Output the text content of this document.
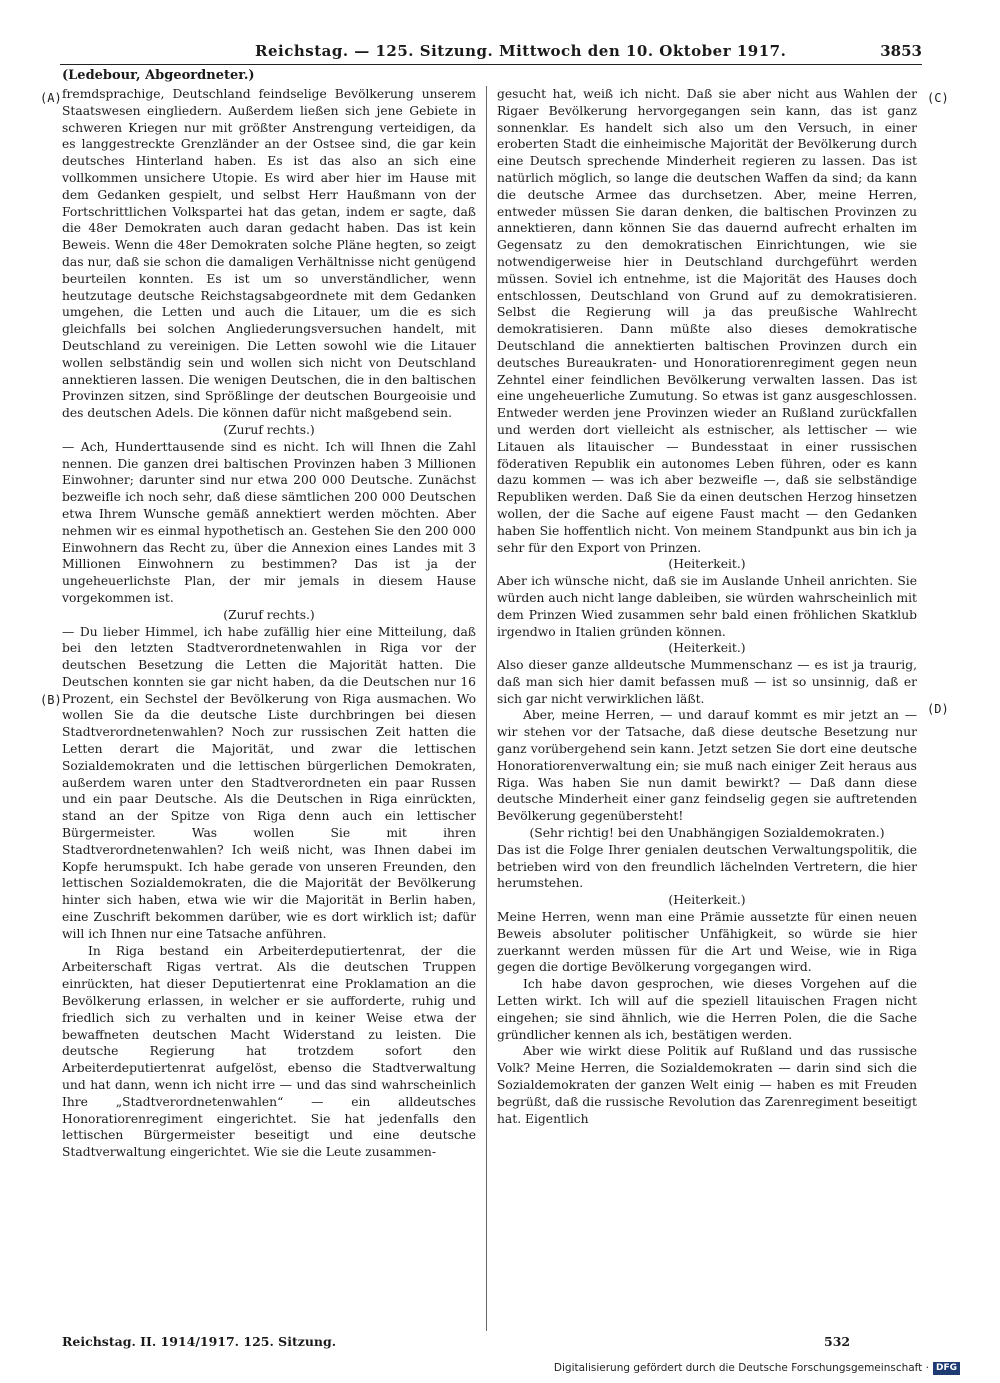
Reichstag. — 125. Sitzung. Mittwoch den 10. Oktober 1917.	3853
(Ledebour, Abgeordneter.)
(A)
(B)
(C)
(D)

fremdsprachige, Deutschland feindselige Bevölkerung unserem Staatswesen eingliedern. Außerdem ließen sich jene Gebiete in schweren Kriegen nur mit größter Anstrengung verteidigen, da es langgestreckte Grenzländer an der Ostsee sind, die gar kein deutsches Hinterland haben. Es ist das also an sich eine vollkommen unsichere Utopie. Es wird aber hier im Hause mit dem Gedanken gespielt, und selbst Herr Haußmann von der Fortschrittlichen Volkspartei hat das getan, indem er sagte, daß die 48er Demokraten auch daran gedacht haben. Das ist kein Beweis. Wenn die 48er Demokraten solche Pläne hegten, so zeigt das nur, daß sie schon die damaligen Verhältnisse nicht genügend beurteilen konnten. Es ist um so unverständlicher, wenn heutzutage deutsche Reichstagsabgeordnete mit dem Gedanken umgehen, die Letten und auch die Litauer, um die es sich gleichfalls bei solchen Angliederungsversuchen handelt, mit Deutschland zu vereinigen. Die Letten sowohl wie die Litauer wollen selbständig sein und wollen sich nicht von Deutschland annektieren lassen. Die wenigen Deutschen, die in den baltischen Provinzen sitzen, sind Sprößlinge der deutschen Bourgeoisie und des deutschen Adels. Die können dafür nicht maßgebend sein.

(Zuruf rechts.)

— Ach, Hunderttausende sind es nicht. Ich will Ihnen die Zahl nennen. Die ganzen drei baltischen Provinzen haben 3 Millionen Einwohner; darunter sind nur etwa 200 000 Deutsche. Zunächst bezweifle ich noch sehr, daß diese sämtlichen 200 000 Deutschen etwa Ihrem Wunsche gemäß annektiert werden möchten. Aber nehmen wir es einmal hypothetisch an. Gestehen Sie den 200 000 Einwohnern das Recht zu, über die Annexion eines Landes mit 3 Millionen Einwohnern zu bestimmen? Das ist ja der ungeheuerlichste Plan, der mir jemals in diesem Hause vorgekommen ist.

(Zuruf rechts.)

— Du lieber Himmel, ich habe zufällig hier eine Mitteilung, daß bei den letzten Stadtverordnetenwahlen in Riga vor der deutschen Besetzung die Letten die Majorität hatten. Die Deutschen konnten sie gar nicht haben, da die Deutschen nur 16 Prozent, ein Sechstel der Bevölkerung von Riga ausmachen. Wo wollen Sie da die deutsche Liste durchbringen bei diesen Stadtverordnetenwahlen? Noch zur russischen Zeit hatten die Letten derart die Majorität, und zwar die lettischen Sozialdemokraten und die lettischen bürgerlichen Demokraten, außerdem waren unter den Stadtverordneten ein paar Russen und ein paar Deutsche. Als die Deutschen in Riga einrückten, stand an der Spitze von Riga denn auch ein lettischer Bürgermeister. Was wollen Sie mit ihren Stadtverordnetenwahlen? Ich weiß nicht, was Ihnen dabei im Kopfe herumspukt. Ich habe gerade von unseren Freunden, den lettischen Sozialdemokraten, die die Majorität der Bevölkerung hinter sich haben, etwa wie wir die Majorität in Berlin haben, eine Zuschrift bekommen darüber, wie es dort wirklich ist; dafür will ich Ihnen nur eine Tatsache anführen.

In Riga bestand ein Arbeiterdeputiertenrat, der die Arbeiterschaft Rigas vertrat. Als die deutschen Truppen einrückten, hat dieser Deputiertenrat eine Proklamation an die Bevölkerung erlassen, in welcher er sie aufforderte, ruhig und friedlich sich zu verhalten und in keiner Weise etwa der bewaffneten deutschen Macht Widerstand zu leisten. Die deutsche Regierung hat trotzdem sofort den Arbeiterdeputiertenrat aufgelöst, ebenso die Stadtverwaltung und hat dann, wenn ich nicht irre — und das sind wahrscheinlich Ihre „Stadtverordnetenwahlen“ — ein alldeutsches Honoratiorenregiment eingerichtet. Sie hat jedenfalls den lettischen Bürgermeister beseitigt und eine deutsche Stadtverwaltung eingerichtet. Wie sie die Leute zusammen-

gesucht hat, weiß ich nicht. Daß sie aber nicht aus Wahlen der Rigaer Bevölkerung hervorgegangen sein kann, das ist ganz sonnenklar. Es handelt sich also um den Versuch, in einer eroberten Stadt die einheimische Majorität der Bevölkerung durch eine Deutsch sprechende Minderheit regieren zu lassen. Das ist natürlich möglich, so lange die deutschen Waffen da sind; da kann die deutsche Armee das durchsetzen. Aber, meine Herren, entweder müssen Sie daran denken, die baltischen Provinzen zu annektieren, dann können Sie das dauernd aufrecht erhalten im Gegensatz zu den demokratischen Einrichtungen, wie sie notwendigerweise hier in Deutschland durchgeführt werden müssen. Soviel ich entnehme, ist die Majorität des Hauses doch entschlossen, Deutschland von Grund auf zu demokratisieren. Selbst die Regierung will ja das preußische Wahlrecht demokratisieren. Dann müßte also dieses demokratische Deutschland die annektierten baltischen Provinzen durch ein deutsches Bureaukraten- und Honoratiorenregiment gegen neun Zehntel einer feindlichen Bevölkerung verwalten lassen. Das ist eine ungeheuerliche Zumutung. So etwas ist ganz ausgeschlossen. Entweder werden jene Provinzen wieder an Rußland zurückfallen und werden dort vielleicht als estnischer, als lettischer — wie Litauen als litauischer — Bundesstaat in einer russischen föderativen Republik ein autonomes Leben führen, oder es kann dazu kommen — was ich aber bezweifle —, daß sie selbständige Republiken werden. Daß Sie da einen deutschen Herzog hinsetzen wollen, der die Sache auf eigene Faust macht — den Gedanken haben Sie hoffentlich nicht. Von meinem Standpunkt aus bin ich ja sehr für den Export von Prinzen.

(Heiterkeit.)

Aber ich wünsche nicht, daß sie im Auslande Unheil anrichten. Sie würden auch nicht lange dableiben, sie würden wahrscheinlich mit dem Prinzen Wied zusammen sehr bald einen fröhlichen Skatklub irgendwo in Italien gründen können.

(Heiterkeit.)

Also dieser ganze alldeutsche Mummenschanz — es ist ja traurig, daß man sich hier damit befassen muß — ist so unsinnig, daß er sich gar nicht verwirklichen läßt.

Aber, meine Herren, — und darauf kommt es mir jetzt an — wir stehen vor der Tatsache, daß diese deutsche Besetzung nur ganz vorübergehend sein kann. Jetzt setzen Sie dort eine deutsche Honoratiorenverwaltung ein; sie muß nach einiger Zeit heraus aus Riga. Was haben Sie nun damit bewirkt? — Daß dann diese deutsche Minderheit einer ganz feindselig gegen sie auftretenden Bevölkerung gegenübersteht!

(Sehr richtig! bei den Unabhängigen Sozialdemokraten.)

Das ist die Folge Ihrer genialen deutschen Verwaltungspolitik, die betrieben wird von den freundlich lächelnden Vertretern, die hier herumstehen.

(Heiterkeit.)

Meine Herren, wenn man eine Prämie aussetzte für einen neuen Beweis absoluter politischer Unfähigkeit, so würde sie hier zuerkannt werden müssen für die Art und Weise, wie in Riga gegen die dortige Bevölkerung vorgegangen wird.

Ich habe davon gesprochen, wie dieses Vorgehen auf die Letten wirkt. Ich will auf die speziell litauischen Fragen nicht eingehen; sie sind ähnlich, wie die Herren Polen, die die Sache gründlicher kennen als ich, bestätigen werden.

Aber wie wirkt diese Politik auf Rußland und das russische Volk? Meine Herren, die Sozialdemokraten — darin sind sich die Sozialdemokraten der ganzen Welt einig — haben es mit Freuden begrüßt, daß die russische Revolution das Zarenregiment beseitigt hat. Eigentlich

Reichstag. II. 1914/1917. 125. Sitzung.	532
Digitalisierung gefördert durch die Deutsche Forschungsgemeinschaft · DFG
